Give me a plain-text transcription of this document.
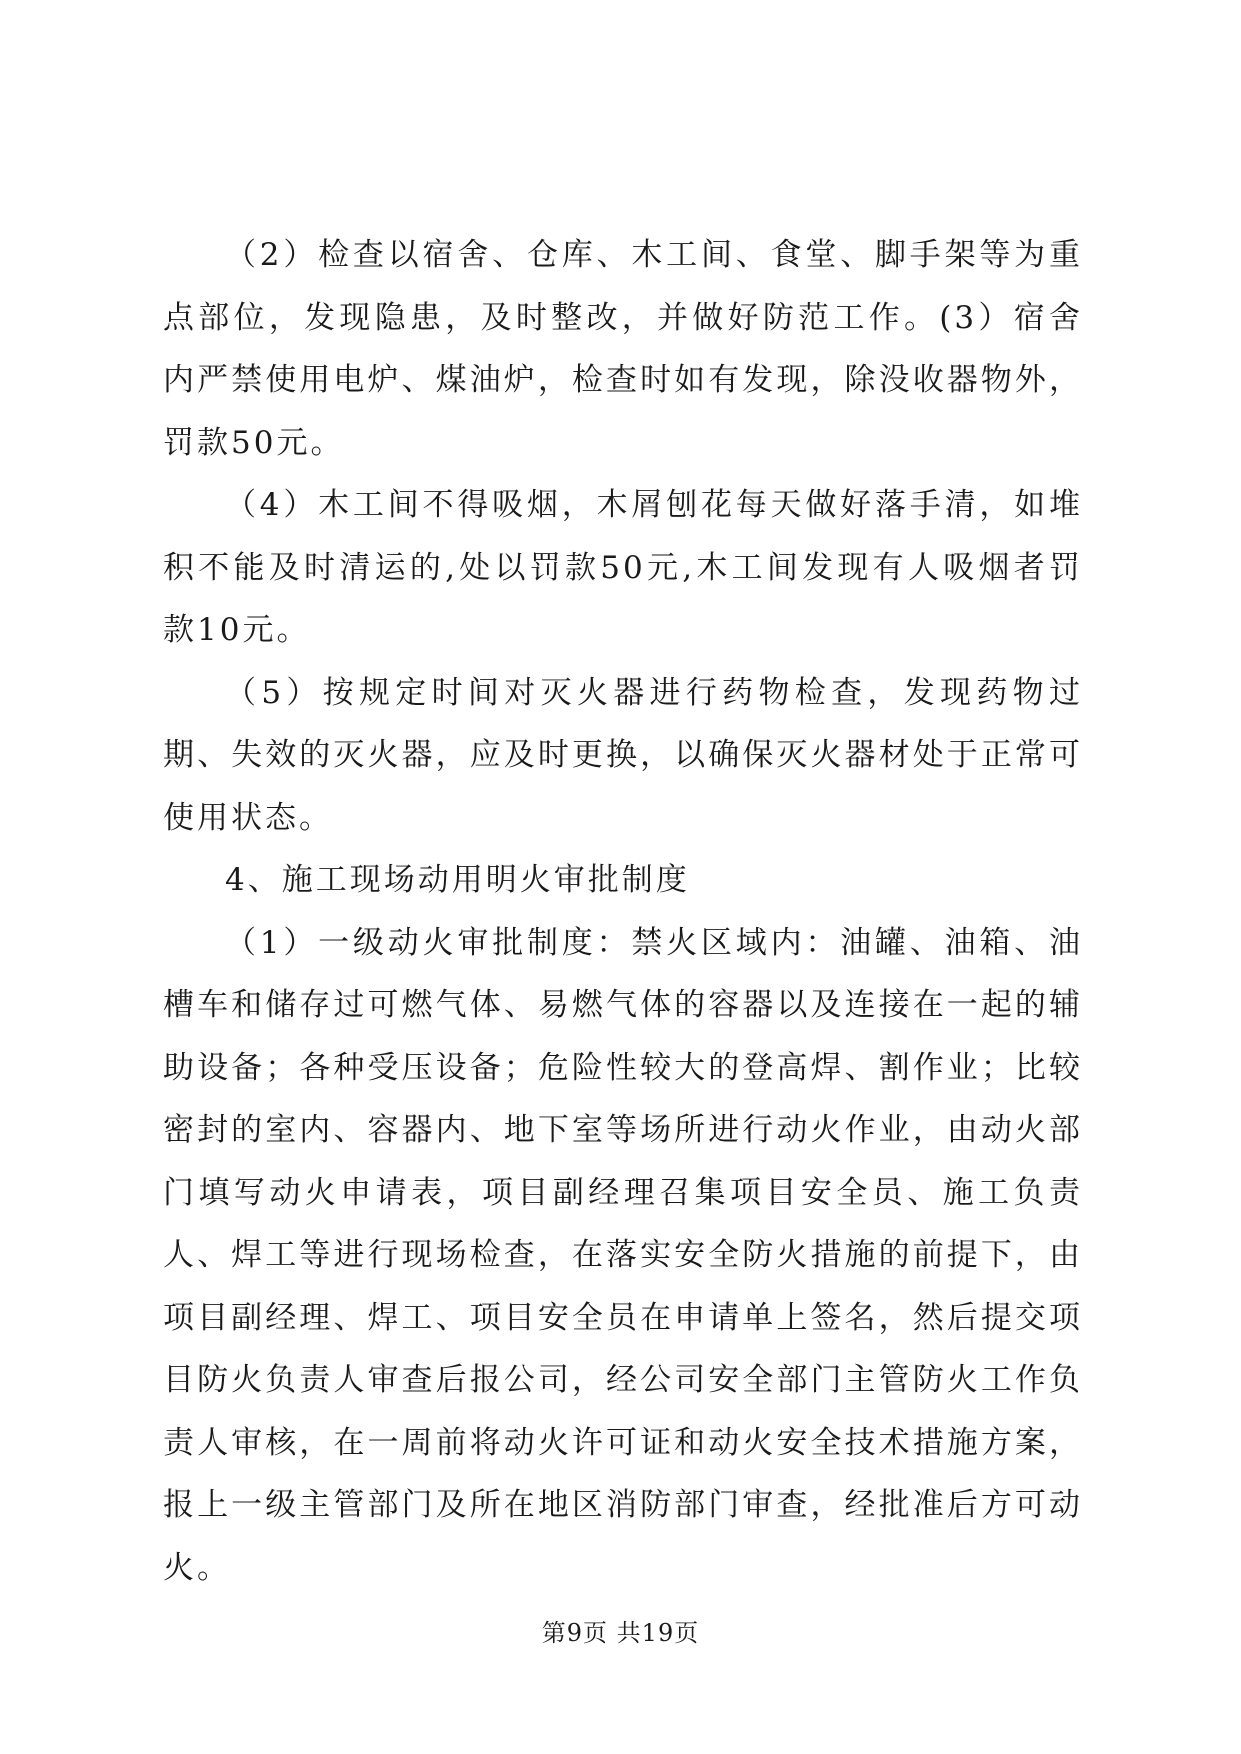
（2）检查以宿舍、仓库、木工间、食堂、脚手架等为重点部位，发现隐患，及时整改，并做好防范工作。(3）宿舍内严禁使用电炉、煤油炉，检查时如有发现，除没收器物外，罚款50元。

（4）木工间不得吸烟，木屑刨花每天做好落手清，如堆积不能及时清运的,处以罚款50元,木工间发现有人吸烟者罚款10元。

（5）按规定时间对灭火器进行药物检查，发现药物过期、失效的灭火器，应及时更换，以确保灭火器材处于正常可使用状态。

4、施工现场动用明火审批制度

（1）一级动火审批制度：禁火区域内：油罐、油箱、油槽车和储存过可燃气体、易燃气体的容器以及连接在一起的辅助设备；各种受压设备；危险性较大的登高焊、割作业；比较密封的室内、容器内、地下室等场所进行动火作业，由动火部门填写动火申请表，项目副经理召集项目安全员、施工负责人、焊工等进行现场检查，在落实安全防火措施的前提下，由项目副经理、焊工、项目安全员在申请单上签名，然后提交项目防火负责人审查后报公司，经公司安全部门主管防火工作负责人审核，在一周前将动火许可证和动火安全技术措施方案，报上一级主管部门及所在地区消防部门审查，经批准后方可动火。

第9页 共19页
